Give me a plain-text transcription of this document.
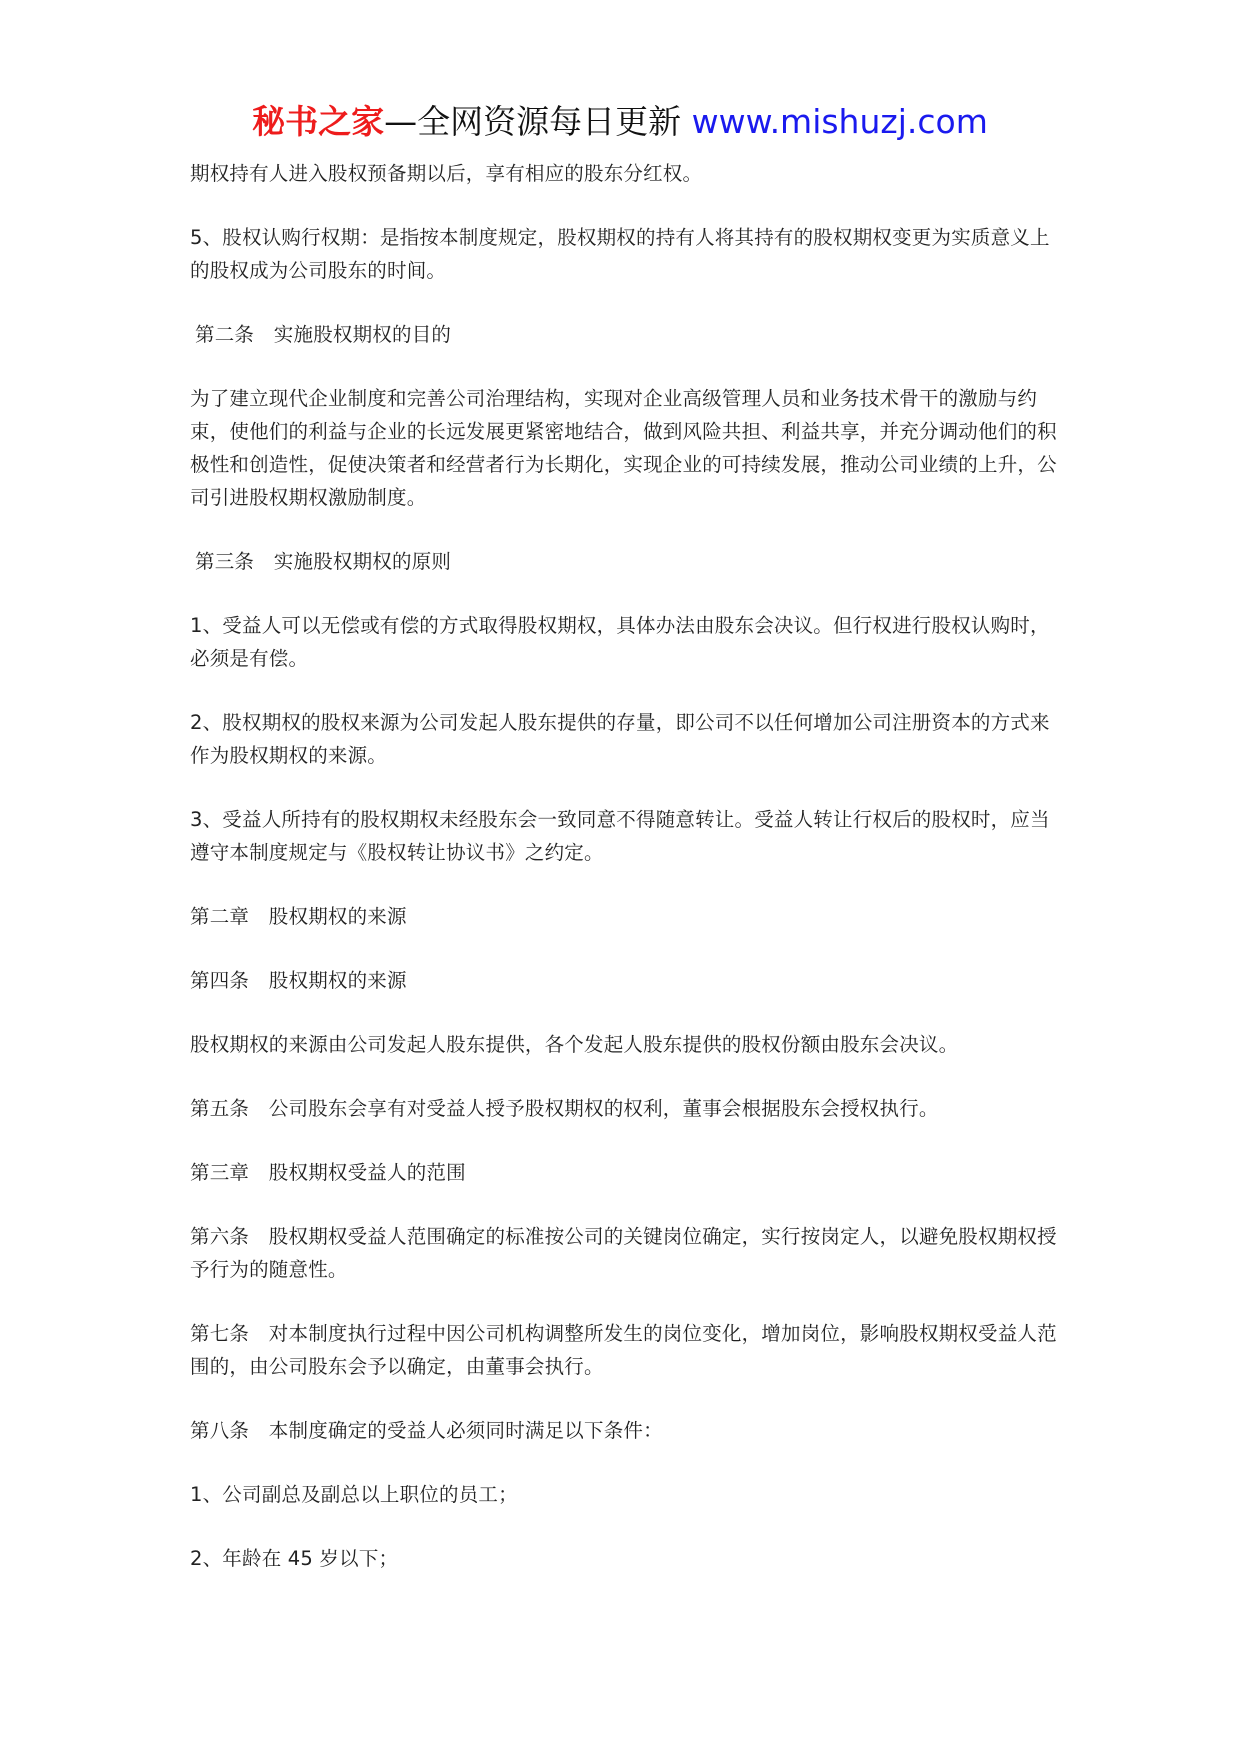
秘书之家—全网资源每日更新 www.mishuzj.com

期权持有人进入股权预备期以后，享有相应的股东分红权。

5、股权认购行权期：是指按本制度规定，股权期权的持有人将其持有的股权期权变更为实质意义上的股权成为公司股东的时间。

第二条　实施股权期权的目的

为了建立现代企业制度和完善公司治理结构，实现对企业高级管理人员和业务技术骨干的激励与约束，使他们的利益与企业的长远发展更紧密地结合，做到风险共担、利益共享，并充分调动他们的积极性和创造性，促使决策者和经营者行为长期化，实现企业的可持续发展，推动公司业绩的上升，公司引进股权期权激励制度。

第三条　实施股权期权的原则

1、受益人可以无偿或有偿的方式取得股权期权，具体办法由股东会决议。但行权进行股权认购时，必须是有偿。

2、股权期权的股权来源为公司发起人股东提供的存量，即公司不以任何增加公司注册资本的方式来作为股权期权的来源。

3、受益人所持有的股权期权未经股东会一致同意不得随意转让。受益人转让行权后的股权时，应当遵守本制度规定与《股权转让协议书》之约定。

第二章　股权期权的来源

第四条　股权期权的来源

股权期权的来源由公司发起人股东提供，各个发起人股东提供的股权份额由股东会决议。

第五条　公司股东会享有对受益人授予股权期权的权利，董事会根据股东会授权执行。

第三章　股权期权受益人的范围

第六条　股权期权受益人范围确定的标准按公司的关键岗位确定，实行按岗定人，以避免股权期权授予行为的随意性。

第七条　对本制度执行过程中因公司机构调整所发生的岗位变化，增加岗位，影响股权期权受益人范围的，由公司股东会予以确定，由董事会执行。

第八条　本制度确定的受益人必须同时满足以下条件：

1、公司副总及副总以上职位的员工；

2、年龄在 45 岁以下；
